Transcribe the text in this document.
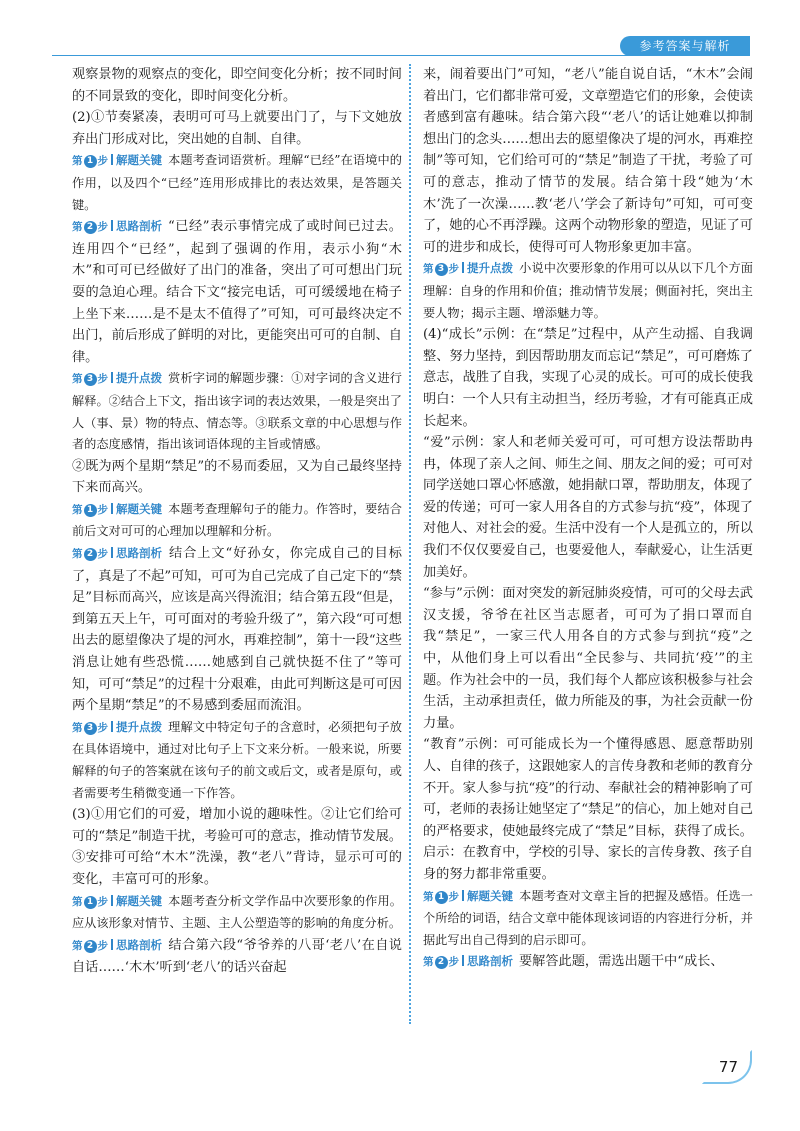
参考答案与解析

观察景物的观察点的变化，即空间变化分析；按不同时间的不同景致的变化，即时间变化分析。

(2)①节奏紧凑，表明可可马上就要出门了，与下文她放弃出门形成对比，突出她的自制、自律。

第 1 步 解题关键 本题考查词语赏析。理解“已经”在语境中的作用，以及四个“已经”连用形成排比的表达效果，是答题关键。

第 2 步 思路剖析 “已经”表示事情完成了或时间已过去。连用四个“已经”，起到了强调的作用，表示小狗“木木”和可可已经做好了出门的准备，突出了可可想出门玩耍的急迫心理。结合下文“接完电话，可可缓缓地在椅子上坐下来……是不是太不值得了”可知，可可最终决定不出门，前后形成了鲜明的对比，更能突出可可的自制、自律。

第 3 步 提升点拨 赏析字词的解题步骤：①对字词的含义进行解释。②结合上下文，指出该字词的表达效果，一般是突出了人（事、景）物的特点、情态等。③联系文章的中心思想与作者的态度感情，指出该词语体现的主旨或情感。

②既为两个星期“禁足”的不易而委屈，又为自己最终坚持下来而高兴。

第 1 步 解题关键 本题考查理解句子的能力。作答时，要结合前后文对可可的心理加以理解和分析。

第 2 步 思路剖析 结合上文“好孙女，你完成自己的目标了，真是了不起”可知，可可为自己完成了自己定下的“禁足”目标而高兴，应该是高兴得流泪；结合第五段“但是，到第五天上午，可可面对的考验升级了”，第六段“可可想出去的愿望像决了堤的河水，再难控制”，第十一段“这些消息让她有些恐慌……她感到自己就快挺不住了”等可知，可可“禁足”的过程十分艰难，由此可判断这是可可因两个星期“禁足”的不易感到委屈而流泪。

第 3 步 提升点拨 理解文中特定句子的含意时，必须把句子放在具体语境中，通过对比句子上下文来分析。一般来说，所要解释的句子的答案就在该句子的前文或后文，或者是原句，或者需要考生稍微变通一下作答。

(3)①用它们的可爱，增加小说的趣味性。②让它们给可可的“禁足”制造干扰，考验可可的意志，推动情节发展。③安排可可给“木木”洗澡，教“老八”背诗，显示可可的变化，丰富可可的形象。

第 1 步 解题关键 本题考查分析文学作品中次要形象的作用。应从该形象对情节、主题、主人公塑造等的影响的角度分析。

第 2 步 思路剖析 结合第六段“爷爷养的八哥‘老八’在自说自话……‘木木’听到‘老八’的话兴奋起

来，闹着要出门”可知，“老八”能自说自话，“木木”会闹着出门，它们都非常可爱，文章塑造它们的形象，会使读者感到富有趣味。结合第六段“‘老八’的话让她难以抑制想出门的念头……想出去的愿望像决了堤的河水，再难控制”等可知，它们给可可的“禁足”制造了干扰，考验了可可的意志，推动了情节的发展。结合第十段“她为‘木木’洗了一次澡……教‘老八’学会了新诗句”可知，可可变了，她的心不再浮躁。这两个动物形象的塑造，见证了可可的进步和成长，使得可可人物形象更加丰富。

第 3 步 提升点拨 小说中次要形象的作用可以从以下几个方面理解：自身的作用和价值；推动情节发展；侧面衬托，突出主要人物；揭示主题、增添魅力等。

(4)“成长”示例：在“禁足”过程中，从产生动摇、自我调整、努力坚持，到因帮助朋友而忘记“禁足”，可可磨炼了意志，战胜了自我，实现了心灵的成长。可可的成长使我明白：一个人只有主动担当，经历考验，才有可能真正成长起来。

“爱”示例：家人和老师关爱可可，可可想方设法帮助冉冉，体现了亲人之间、师生之间、朋友之间的爱；可可对同学送她口罩心怀感激，她捐献口罩，帮助朋友，体现了爱的传递；可可一家人用各自的方式参与抗“疫”，体现了对他人、对社会的爱。生活中没有一个人是孤立的，所以我们不仅仅要爱自己，也要爱他人，奉献爱心，让生活更加美好。

“参与”示例：面对突发的新冠肺炎疫情，可可的父母去武汉支援，爷爷在社区当志愿者，可可为了捐口罩而自我“禁足”，一家三代人用各自的方式参与到抗“疫”之中，从他们身上可以看出“全民参与、共同抗‘疫’”的主题。作为社会中的一员，我们每个人都应该积极参与社会生活，主动承担责任，做力所能及的事，为社会贡献一份力量。

“教育”示例：可可能成长为一个懂得感恩、愿意帮助别人、自律的孩子，这跟她家人的言传身教和老师的教育分不开。家人参与抗“疫”的行动、奉献社会的精神影响了可可，老师的表扬让她坚定了“禁足”的信心，加上她对自己的严格要求，使她最终完成了“禁足”目标，获得了成长。启示：在教育中，学校的引导、家长的言传身教、孩子自身的努力都非常重要。

第 1 步 解题关键 本题考查对文章主旨的把握及感悟。任选一个所给的词语，结合文章中能体现该词语的内容进行分析，并据此写出自己得到的启示即可。

第 2 步 思路剖析 要解答此题，需选出题干中“成长、

77
